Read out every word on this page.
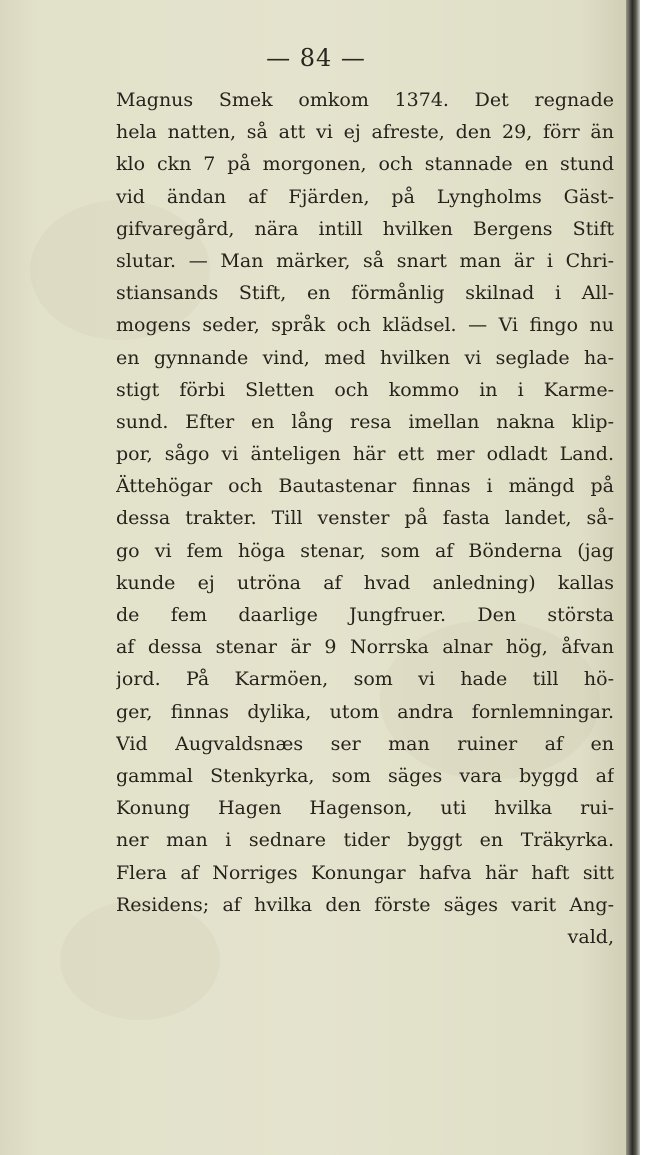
— 84 —
Magnus Smek omkom 1374. Det regnade
hela natten, så att vi ej afreste, den 29, förr än
klo ckn 7 på morgonen, och stannade en stund
vid ändan af Fjärden, på Lyngholms Gäst-
gifvaregård, nära intill hvilken Bergens Stift
slutar. — Man märker, så snart man är i Chri-
stiansands Stift, en förmånlig skilnad i All-
mogens seder, språk och klädsel. — Vi fingo nu
en gynnande vind, med hvilken vi seglade ha-
stigt förbi Sletten och kommo in i Karme-
sund. Efter en lång resa imellan nakna klip-
por, sågo vi änteligen här ett mer odladt Land.
Ättehögar och Bautastenar finnas i mängd på
dessa trakter. Till venster på fasta landet, så-
go vi fem höga stenar, som af Bönderna (jag
kunde ej utröna af hvad anledning) kallas
de fem daarlige Jungfruer. Den största
af dessa stenar är 9 Norrska alnar hög, åfvan
jord. På Karmöen, som vi hade till hö-
ger, finnas dylika, utom andra fornlemningar.
Vid Augvaldsnæs ser man ruiner af en
gammal Stenkyrka, som säges vara byggd af
Konung Hagen Hagenson, uti hvilka rui-
ner man i sednare tider byggt en Träkyrka.
Flera af Norriges Konungar hafva här haft sitt
Residens; af hvilka den förste säges varit Ang-
vald,
